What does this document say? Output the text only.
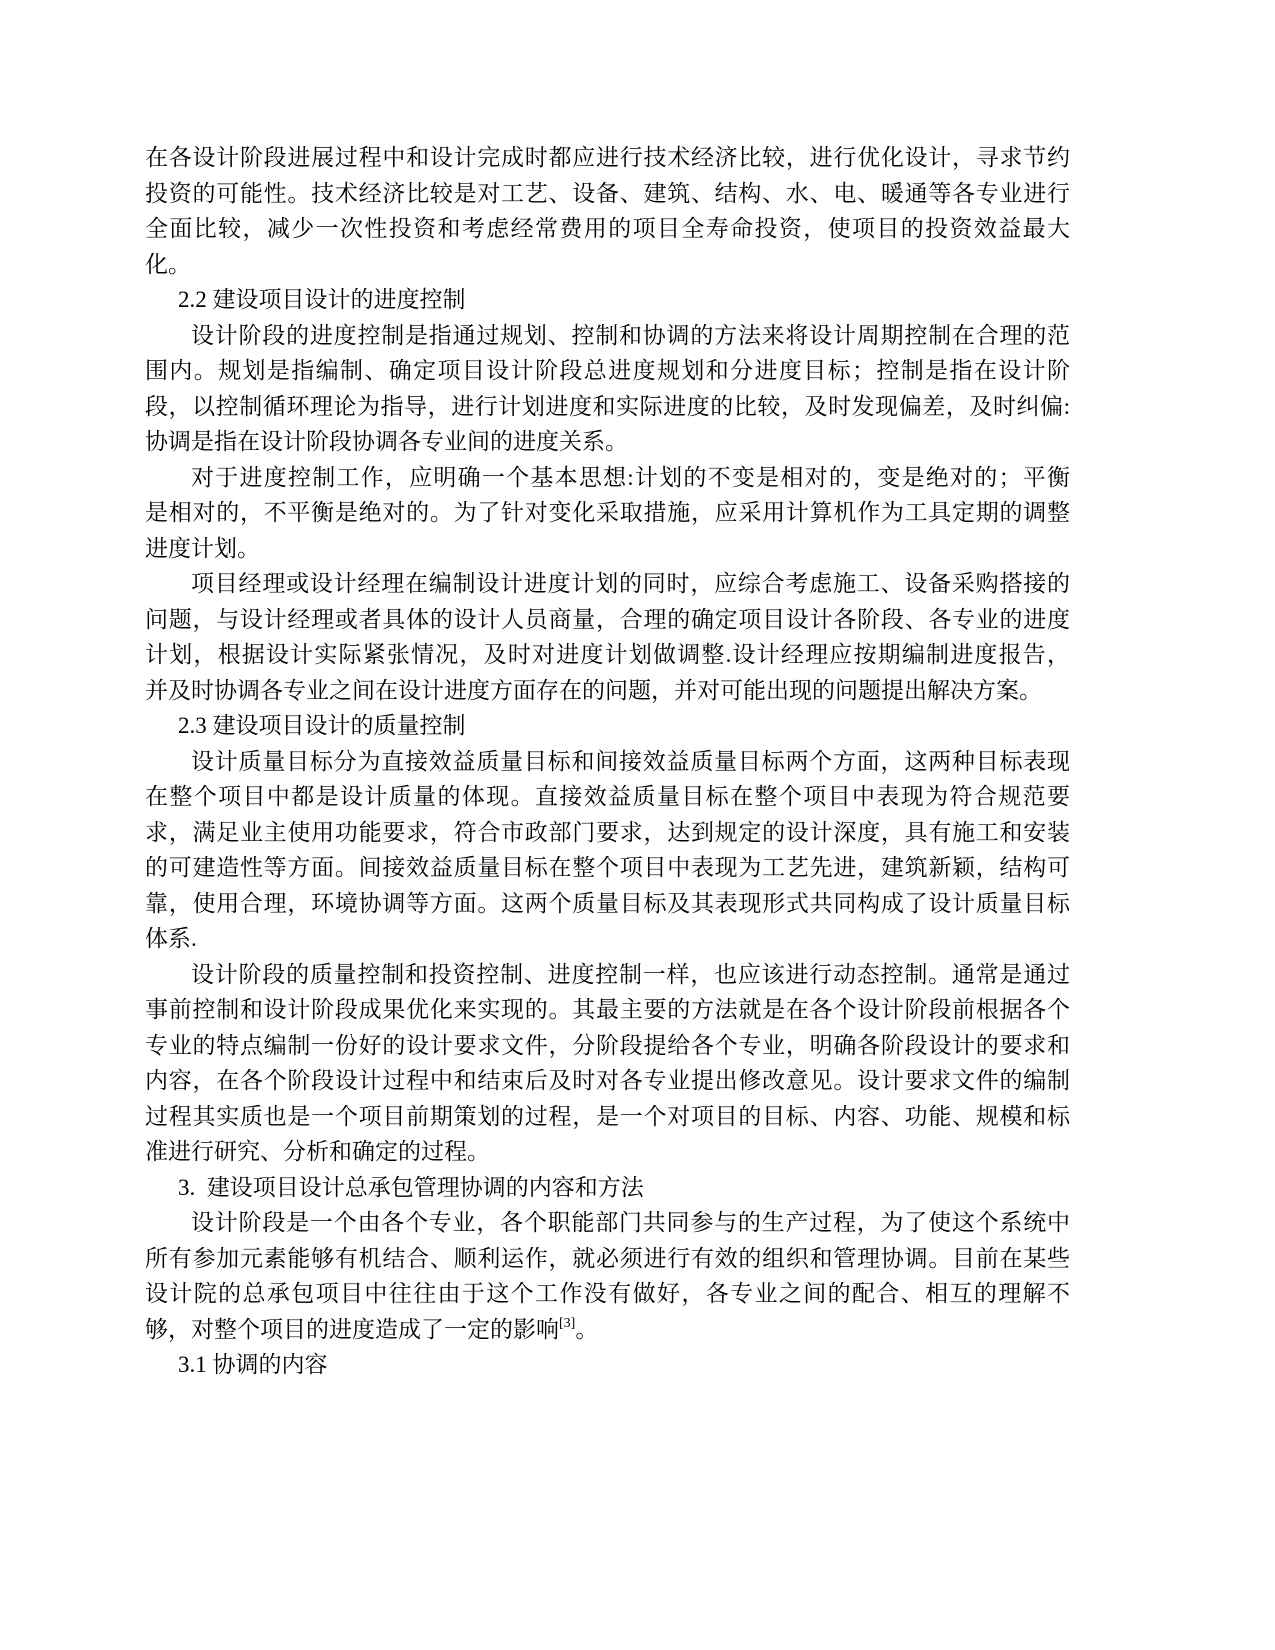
在各设计阶段进展过程中和设计完成时都应进行技术经济比较，进行优化设计，寻求节约
投资的可能性。技术经济比较是对工艺、设备、建筑、结构、水、电、暖通等各专业进行
全面比较，减少一次性投资和考虑经常费用的项目全寿命投资，使项目的投资效益最大
化。
2.2 建设项目设计的进度控制
设计阶段的进度控制是指通过规划、控制和协调的方法来将设计周期控制在合理的范
围内。规划是指编制、确定项目设计阶段总进度规划和分进度目标；控制是指在设计阶
段，以控制循环理论为指导，进行计划进度和实际进度的比较，及时发现偏差，及时纠偏:
协调是指在设计阶段协调各专业间的进度关系。
对于进度控制工作，应明确一个基本思想:计划的不变是相对的，变是绝对的；平衡
是相对的，不平衡是绝对的。为了针对变化采取措施，应采用计算机作为工具定期的调整
进度计划。
项目经理或设计经理在编制设计进度计划的同时，应综合考虑施工、设备采购搭接的
问题，与设计经理或者具体的设计人员商量，合理的确定项目设计各阶段、各专业的进度
计划，根据设计实际紧张情况，及时对进度计划做调整.设计经理应按期编制进度报告，
并及时协调各专业之间在设计进度方面存在的问题，并对可能出现的问题提出解决方案。
2.3 建设项目设计的质量控制
设计质量目标分为直接效益质量目标和间接效益质量目标两个方面，这两种目标表现
在整个项目中都是设计质量的体现。直接效益质量目标在整个项目中表现为符合规范要
求，满足业主使用功能要求，符合市政部门要求，达到规定的设计深度，具有施工和安装
的可建造性等方面。间接效益质量目标在整个项目中表现为工艺先进，建筑新颖，结构可
靠，使用合理，环境协调等方面。这两个质量目标及其表现形式共同构成了设计质量目标
体系.
设计阶段的质量控制和投资控制、进度控制一样，也应该进行动态控制。通常是通过
事前控制和设计阶段成果优化来实现的。其最主要的方法就是在各个设计阶段前根据各个
专业的特点编制一份好的设计要求文件，分阶段提给各个专业，明确各阶段设计的要求和
内容，在各个阶段设计过程中和结束后及时对各专业提出修改意见。设计要求文件的编制
过程其实质也是一个项目前期策划的过程，是一个对项目的目标、内容、功能、规模和标
准进行研究、分析和确定的过程。
3.  建设项目设计总承包管理协调的内容和方法
设计阶段是一个由各个专业，各个职能部门共同参与的生产过程，为了使这个系统中
所有参加元素能够有机结合、顺利运作，就必须进行有效的组织和管理协调。目前在某些
设计院的总承包项目中往往由于这个工作没有做好，各专业之间的配合、相互的理解不
够，对整个项目的进度造成了一定的影响[3]。
3.1 协调的内容
